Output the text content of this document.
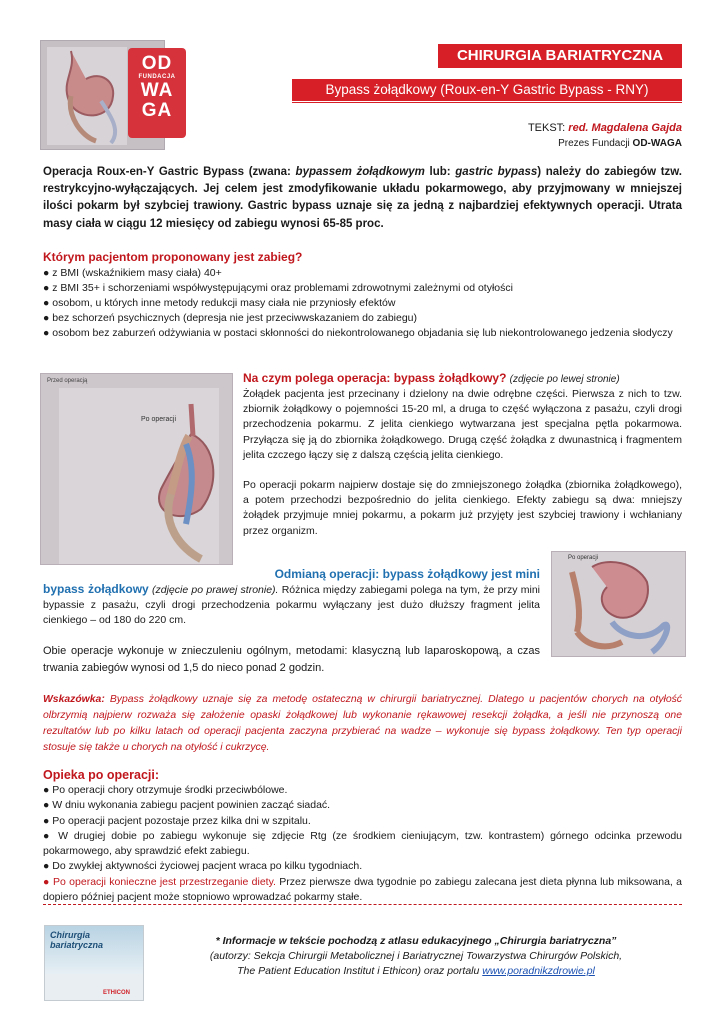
OD
FUNDACJA
WA
GA
CHIRURGIA BARIATRYCZNA
Bypass żołądkowy (Roux-en-Y Gastric Bypass - RNY)
TEKST: red. Magdalena Gajda
Prezes Fundacji OD-WAGA
Operacja Roux-en-Y Gastric Bypass (zwana: bypassem żołądkowym lub: gastric bypass) należy do zabiegów tzw. restrykcyjno-wyłączających. Jej celem jest zmodyfikowanie układu pokarmowego, aby przyjmowany w mniejszej ilości pokarm był szybciej trawiony. Gastric bypass uznaje się za jedną z najbardziej efektywnych operacji. Utrata masy ciała w ciągu 12 miesięcy od zabiegu wynosi 65-85 proc.
Którym pacjentom proponowany jest zabieg?
● z BMI (wskaźnikiem masy ciała) 40+
● z BMI 35+ i schorzeniami współwystępującymi oraz problemami zdrowotnymi zależnymi od otyłości
● osobom, u których inne metody redukcji masy ciała nie przyniosły efektów
● bez schorzeń psychicznych (depresja nie jest przeciwwskazaniem do zabiegu)
● osobom bez zaburzeń odżywiania w postaci skłonności do niekontrolowanego objadania się lub niekontrolowanego jedzenia słodyczy
Przed operacją
Po operacji
Na czym polega operacja: bypass żołądkowy? (zdjęcie po lewej stronie)
Żołądek pacjenta jest przecinany i dzielony na dwie odrębne części. Pierwsza z nich to tzw. zbiornik żołądkowy o pojemności 15-20 ml, a druga to część wyłączona z pasażu, czyli drogi przechodzenia pokarmu. Z jelita cienkiego wytwarzana jest specjalna pętla pokarmowa. Przyłącza się ją do zbiornika żołądkowego. Drugą część żołądka z dwunastnicą i fragmentem jelita czczego łączy się z dalszą częścią jelita cienkiego.
Po operacji pokarm najpierw dostaje się do zmniejszonego żołądka (zbiornika żołądkowego), a potem przechodzi bezpośrednio do jelita cienkiego. Efekty zabiegu są dwa: mniejszy żołądek przyjmuje mniej pokarmu, a pokarm już przyjęty jest szybciej trawiony i wchłaniany przez organizm.
Odmianą operacji: bypass żołądkowy jest mini
bypass żołądkowy (zdjęcie po prawej stronie). Różnica między zabiegami polega na tym, że przy mini bypassie z pasażu, czyli drogi przechodzenia pokarmu wyłączany jest dużo dłuższy fragment jelita cienkiego – od 180 do 220 cm.
Po operacji
Obie operacje wykonuje w znieczuleniu ogólnym, metodami: klasyczną lub laparoskopową, a czas trwania zabiegów wynosi od 1,5 do nieco ponad 2 godzin.
Wskazówka: Bypass żołądkowy uznaje się za metodę ostateczną w chirurgii bariatrycznej. Dlatego u pacjentów chorych na otyłość olbrzymią najpierw rozważa się założenie opaski żołądkowej lub wykonanie rękawowej resekcji żołądka, a jeśli nie przynoszą one rezultatów lub po kilku latach od operacji pacjenta zaczyna przybierać na wadze – wykonuje się bypass żołądkowy. Ten typ operacji stosuje się także u chorych na otyłość i cukrzycę.
Opieka po operacji:
● Po operacji chory otrzymuje środki przeciwbólowe.
● W dniu wykonania zabiegu pacjent powinien zacząć siadać.
● Po operacji pacjent pozostaje przez kilka dni w szpitalu.
● W drugiej dobie po zabiegu wykonuje się zdjęcie Rtg (ze środkiem cieniującym, tzw. kontrastem) górnego odcinka przewodu pokarmowego, aby sprawdzić efekt zabiegu.
● Do zwykłej aktywności życiowej pacjent wraca po kilku tygodniach.
● Po operacji konieczne jest przestrzeganie diety. Przez pierwsze dwa tygodnie po zabiegu zalecana jest dieta płynna lub miksowana, a dopiero później pacjent może stopniowo wprowadzać pokarmy stałe.
Chirurgia bariatryczna
ETHICON
* Informacje w tekście pochodzą z atlasu edukacyjnego „Chirurgia bariatryczna”
(autorzy: Sekcja Chirurgii Metabolicznej i Bariatrycznej Towarzystwa Chirurgów Polskich,
The Patient Education Institut i Ethicon) oraz portalu www.poradnikzdrowie.pl
